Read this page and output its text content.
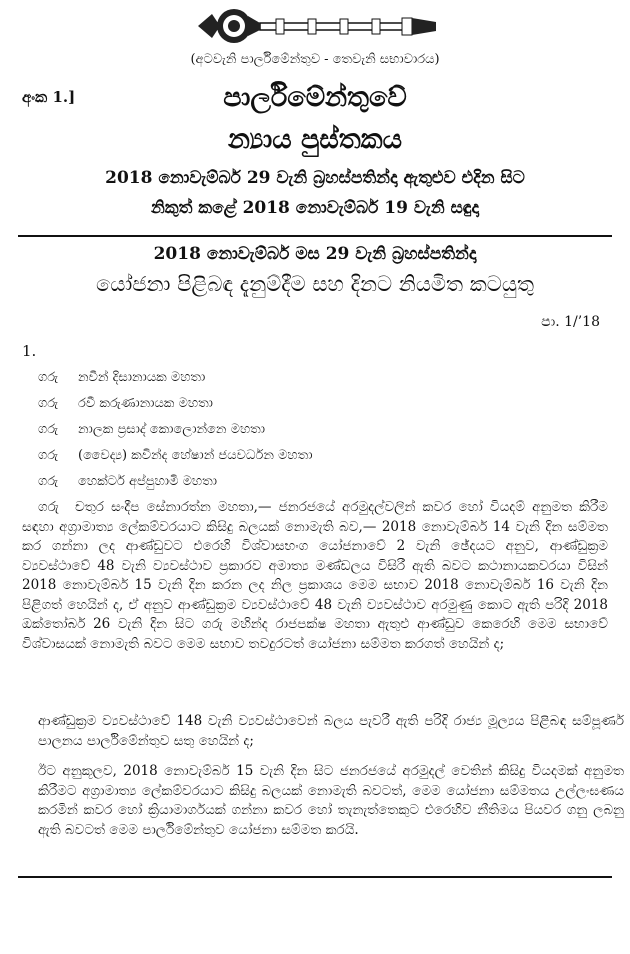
(අටවැනි පාර්ලිමේන්තුව - තෙවැනි සභාවාරය)
අංක 1.]	පාර්ලිමේන්තුවේ
න්‍යාය පුස්තකය
2018 නොවැම්බර් 29 වැනි බ්‍රහස්පතින්දා ඇතුළුව එදින සිට
නිකුත් කළේ 2018 නොවැම්බර් 19 වැනි සඳුදා
2018 නොවැම්බර් මස 29 වැනි බ්‍රහස්පතින්දා
යෝජනා පිළිබඳ දැනුම්දීම සහ දිනට නියමිත කටයුතු
පා. 1/’18
1.
ගරු නවීන් දිසානායක මහතා
ගරු රවී කරුණානායක මහතා
ගරු නාලක ප්‍රසාද් කොලොන්නෙ මහතා
ගරු (වෛද්‍ය) කවින්ද හේෂාන් ජයවර්ධන මහතා
ගරු හෙක්ටර් අප්පුහාමි මහතා

ගරු චතුර සංදීප සේනාරත්න මහතා,— ජනරජයේ අරමුදල්වලින් කවර හෝ වියදම් අනුමත කිරීම සඳහා අග්‍රාමාත්‍ය ලේකම්වරයාට කිසිදු බලයක් නොමැති බව,— 2018 නොවැම්බර් 14 වැනි දින සම්මත කර ගන්නා ලද ආණ්ඩුවට එරෙහි විශ්වාසභංග යෝජනාවේ 2 වැනි ඡේදයට අනුව, ආණ්ඩුක්‍රම ව්‍යවස්ථාවේ 48 වැනි ව්‍යවස්ථාව ප්‍රකාරව අමාත්‍ය මණ්ඩලය විසිරී ඇති බවට කථානායකවරයා විසින් 2018 නොවැම්බර් 15 වැනි දින කරන ලද නිල ප්‍රකාශය මෙම සභාව 2018 නොවැම්බර් 16 වැනි දින පිළිගත් හෙයින් ද, ඒ අනුව ආණ්ඩුක්‍රම ව්‍යවස්ථාවේ 48 වැනි ව්‍යවස්ථාව අරමුණු කොට ඇති පරිදි 2018 ඔක්තෝබර් 26 වැනි දින සිට ගරු මහින්ද රාජපක්ෂ මහතා ඇතුළු ආණ්ඩුව කෙරෙහි මෙම සභාවේ විශ්වාසයක් නොමැති බවට මෙම සභාව තවදුරටත් යෝජනා සම්මත කරගත් හෙයින් ද;

ආණ්ඩුක්‍රම ව්‍යවස්ථාවේ 148 වැනි ව්‍යවස්ථාවෙන් බලය පැවරී ඇති පරිදි රාජ්‍ය මූල්‍යය පිළිබඳ සම්පූර්ණ පාලනය පාර්ලිමේන්තුව සතු හෙයින් ද;

ඊට අනුකූලව, 2018 නොවැම්බර් 15 වැනි දින සිට ජනරජයේ අරමුදල් වෙතින් කිසිදු වියදමක් අනුමත කිරීමට අග්‍රාමාත්‍ය ලේකම්වරයාට කිසිදු බලයක් නොමැති බවටත්, මෙම යෝජනා සම්මතය උල්ලංඝණය කරමින් කවර හෝ ක්‍රියාමාර්ගයක් ගන්නා කවර හෝ තැනැත්තෙකුට එරෙහිව නීතිමය පියවර ගනු ලබනු ඇති බවටත් මෙම පාර්ලිමේන්තුව යෝජනා සම්මත කරයි.
